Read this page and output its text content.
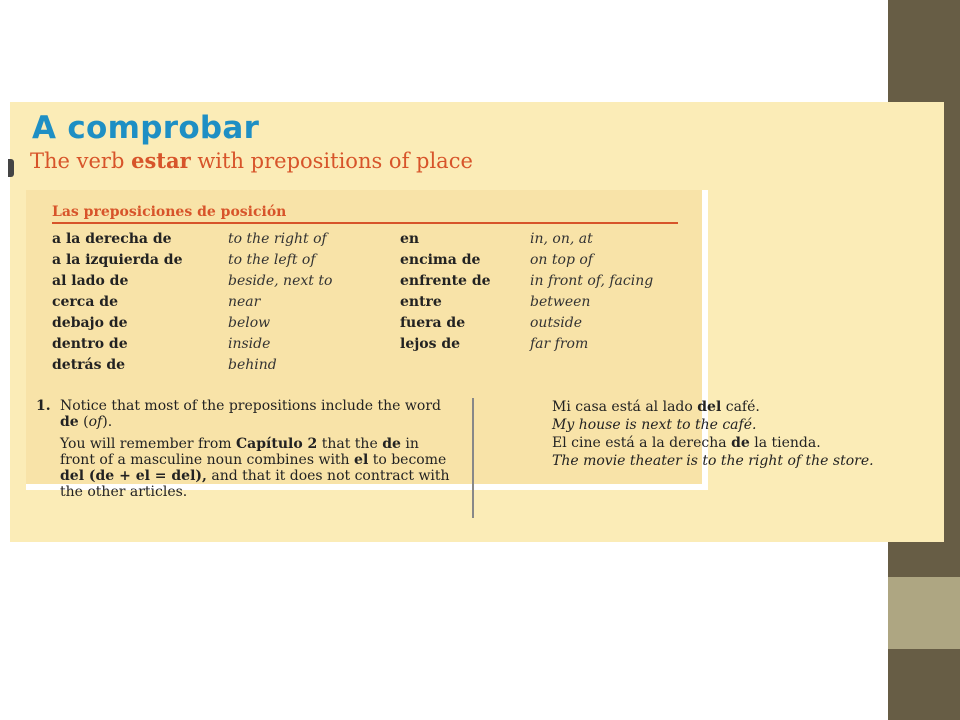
A comprobar
The verb estar with prepositions of place
Las preposiciones de posición
a la derecha de	to the right of	en	in, on, at
a la izquierda de	to the left of	encima de	on top of
al lado de	beside, next to	enfrente de	in front of, facing
cerca de	near	entre	between
debajo de	below	fuera de	outside
dentro de	inside	lejos de	far from
detrás de	behind		
1. Notice that most of the prepositions include the word de (of).

You will remember from Capítulo 2 that the de in front of a masculine noun combines with el to become del (de + el = del), and that it does not contract with the other articles.

Mi casa está al lado del café.
My house is next to the café.
El cine está a la derecha de la tienda.
The movie theater is to the right of the store.
